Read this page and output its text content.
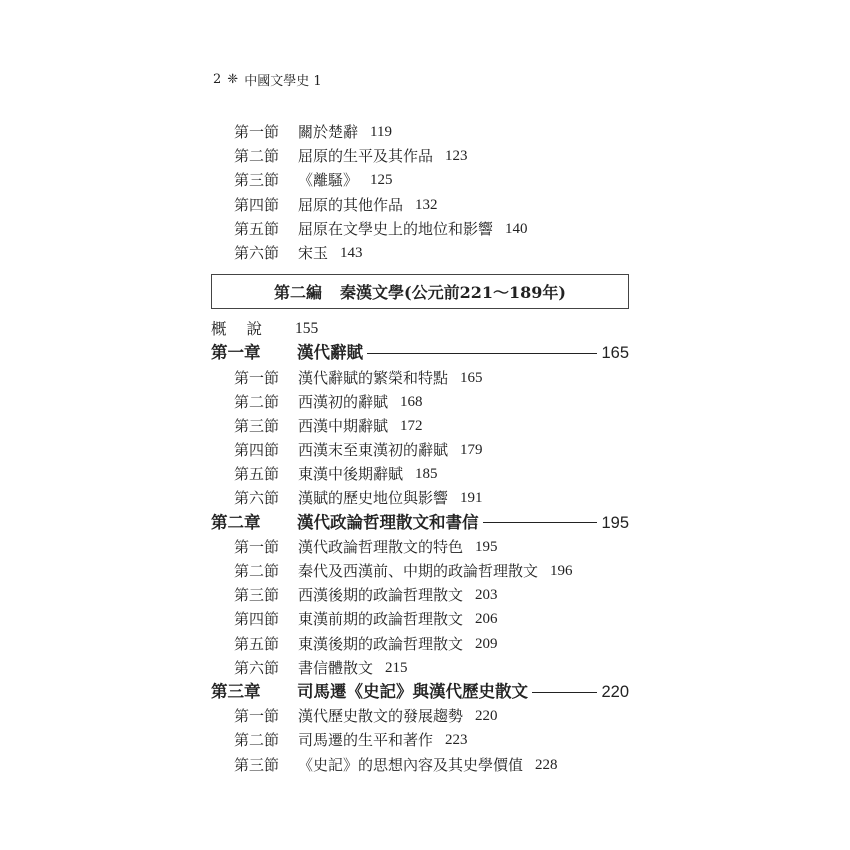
2 ❈ 中國文學史 1
第一節	關於楚辭 119
第二節	屈原的生平及其作品 123
第三節	《離騷》 125
第四節	屈原的其他作品 132
第五節	屈原在文學史上的地位和影響 140
第六節	宋玉 143
第二編 秦漢文學(公元前221～189年)
概說 155
第一章	漢代辭賦	165
第一節	漢代辭賦的繁榮和特點 165
第二節	西漢初的辭賦 168
第三節	西漢中期辭賦 172
第四節	西漢末至東漢初的辭賦 179
第五節	東漢中後期辭賦 185
第六節	漢賦的歷史地位與影響 191
第二章	漢代政論哲理散文和書信	195
第一節	漢代政論哲理散文的特色 195
第二節	秦代及西漢前、中期的政論哲理散文 196
第三節	西漢後期的政論哲理散文 203
第四節	東漢前期的政論哲理散文 206
第五節	東漢後期的政論哲理散文 209
第六節	書信體散文 215
第三章	司馬遷《史記》與漢代歷史散文	220
第一節	漢代歷史散文的發展趨勢 220
第二節	司馬遷的生平和著作 223
第三節	《史記》的思想內容及其史學價值 228
